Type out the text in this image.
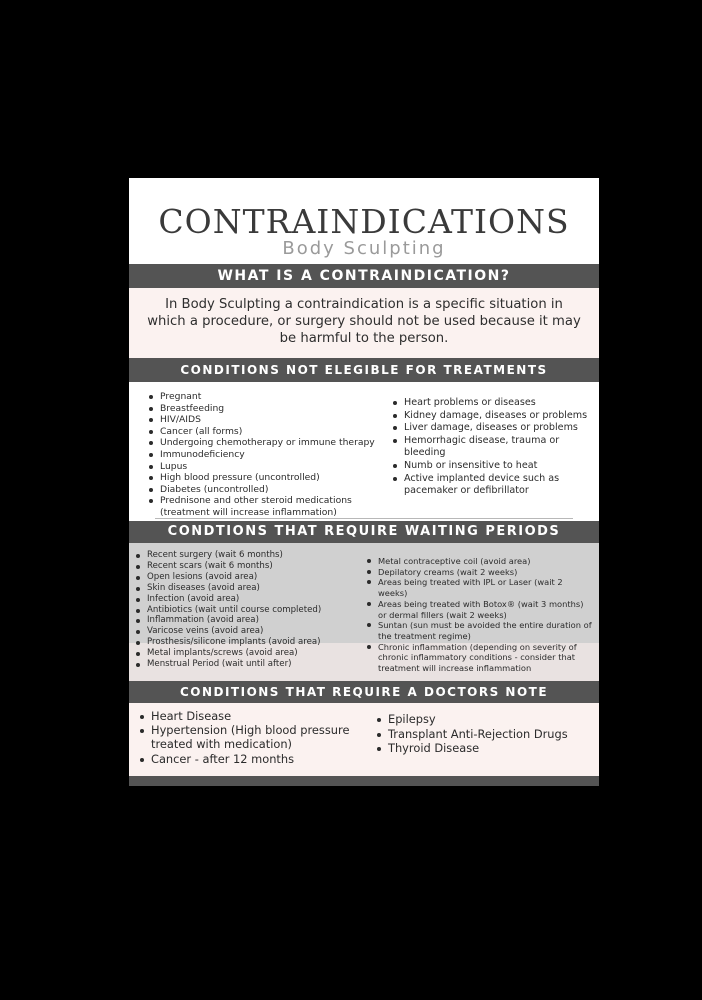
CONTRAINDICATIONS
Body Sculpting
WHAT IS A CONTRAINDICATION?
In Body Sculpting a contraindication is a specific situation in which a procedure, or surgery should not be used because it may be harmful to the person.
CONDITIONS NOT ELEGIBLE FOR TREATMENTS
Pregnant
Breastfeeding
HIV/AIDS
Cancer (all forms)
Undergoing chemotherapy or immune therapy
Immunodeficiency
Lupus
High blood pressure (uncontrolled)
Diabetes (uncontrolled)
Prednisone and other steroid medications (treatment will increase inflammation)
Heart problems or diseases
Kidney damage, diseases or problems
Liver damage, diseases or problems
Hemorrhagic disease, trauma or bleeding
Numb or insensitive to heat
Active implanted device such as pacemaker or defibrillator
CONDTIONS THAT REQUIRE WAITING PERIODS
Recent surgery (wait 6 months)
Recent scars (wait 6 months)
Open lesions (avoid area)
Skin diseases (avoid area)
Infection (avoid area)
Antibiotics (wait until course completed)
Inflammation (avoid area)
Varicose veins (avoid area)
Prosthesis/silicone implants (avoid area)
Metal implants/screws (avoid area)
Menstrual Period (wait until after)
Metal contraceptive coil (avoid area)
Depilatory creams (wait 2 weeks)
Areas being treated with IPL or Laser (wait 2 weeks)
Areas being treated with Botox® (wait 3 months) or dermal fillers (wait 2 weeks)
Suntan (sun must be avoided the entire duration of the treatment regime)
Chronic inflammation (depending on severity of chronic inflammatory conditions - consider that treatment will increase inflammation
CONDITIONS THAT REQUIRE A DOCTORS NOTE
Heart Disease
Hypertension (High blood pressure treated with medication)
Cancer - after 12 months
Epilepsy
Transplant Anti-Rejection Drugs
Thyroid Disease
